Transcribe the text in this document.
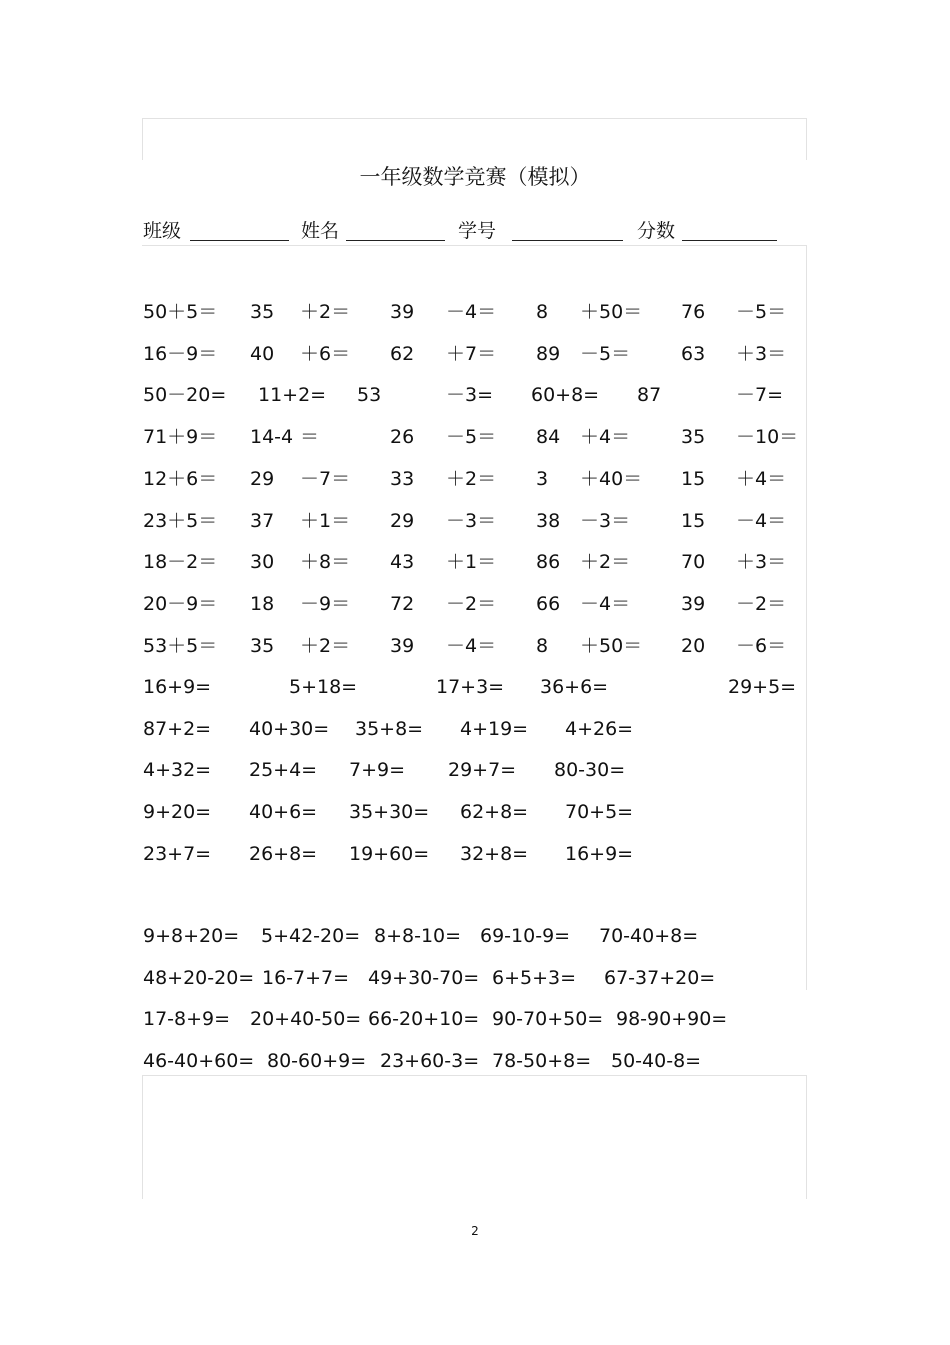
一年级数学竞赛（模拟）
班级	姓名	学号	分数
50＋5＝ 35 ＋2＝ 39 －4＝ 8 ＋50＝ 76 －5＝
16－9＝ 40 ＋6＝ 62 ＋7＝ 89 －5＝	63 ＋3＝
50－20= 11+2= 53	－3= 60+8= 87	－7=
71＋9＝ 14-4 ＝	26 －5＝ 84 ＋4＝	35 －10＝
12＋6＝ 29 －7＝ 33 ＋2＝ 3 ＋40＝ 15 ＋4＝
23＋5＝ 37 ＋1＝ 29 －3＝ 38 －3＝	15 －4＝
18－2＝ 30 ＋8＝ 43 ＋1＝ 86 ＋2＝	70 ＋3＝
20－9＝ 18 －9＝ 72 －2＝ 66 －4＝	39 －2＝
53＋5＝ 35 ＋2＝ 39 －4＝ 8 ＋50＝ 20 －6＝
16+9=	5+18=	17+3= 36+6=	29+5=
87+2= 40+30= 35+8= 4+19= 4+26=
4+32= 25+4= 7+9= 29+7= 80-30=
9+20= 40+6= 35+30= 62+8= 70+5=
23+7= 26+8= 19+60= 32+8= 16+9=
9+8+20= 5+42-20= 8+8-10= 69-10-9= 70-40+8=
48+20-20= 16-7+7= 49+30-70= 6+5+3= 67-37+20=
17-8+9= 20+40-50= 66-20+10= 90-70+50= 98-90+90=
46-40+60= 80-60+9= 23+60-3= 78-50+8= 50-40-8=
2
